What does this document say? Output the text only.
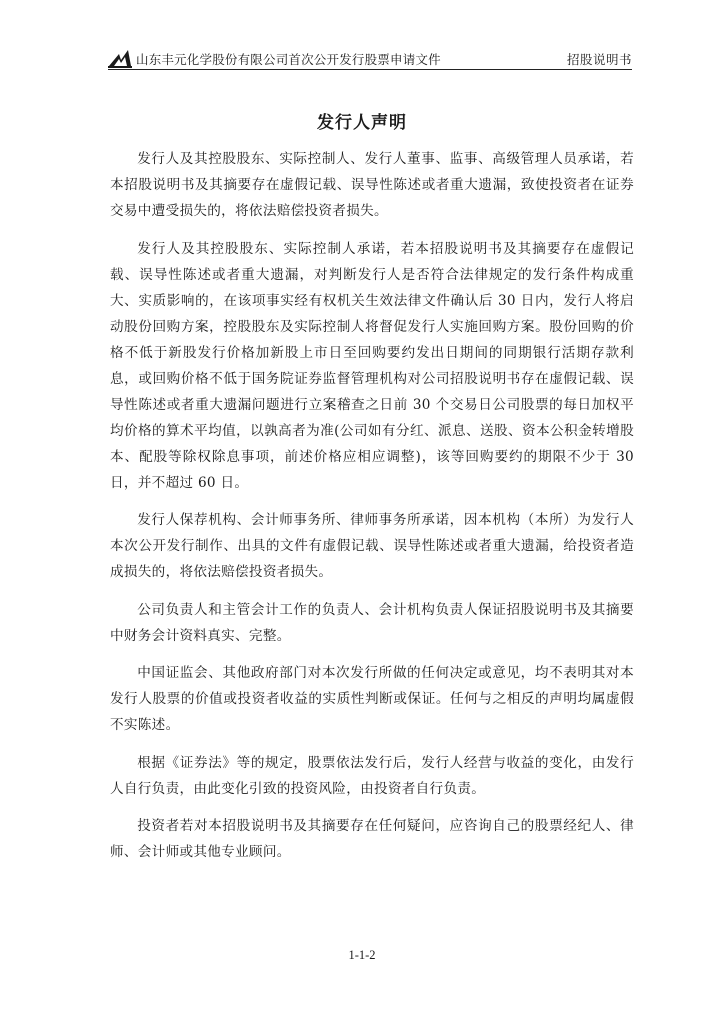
山东丰元化学股份有限公司首次公开发行股票申请文件	招股说明书
发行人声明

发行人及其控股股东、实际控制人、发行人董事、监事、高级管理人员承诺，若本招股说明书及其摘要存在虚假记载、误导性陈述或者重大遗漏，致使投资者在证券交易中遭受损失的，将依法赔偿投资者损失。

发行人及其控股股东、实际控制人承诺，若本招股说明书及其摘要存在虚假记载、误导性陈述或者重大遗漏，对判断发行人是否符合法律规定的发行条件构成重大、实质影响的，在该项事实经有权机关生效法律文件确认后 30 日内，发行人将启动股份回购方案，控股股东及实际控制人将督促发行人实施回购方案。股份回购的价格不低于新股发行价格加新股上市日至回购要约发出日期间的同期银行活期存款利息，或回购价格不低于国务院证券监督管理机构对公司招股说明书存在虚假记载、误导性陈述或者重大遗漏问题进行立案稽查之日前 30 个交易日公司股票的每日加权平均价格的算术平均值，以孰高者为准(公司如有分红、派息、送股、资本公积金转增股本、配股等除权除息事项，前述价格应相应调整)，该等回购要约的期限不少于 30 日，并不超过 60 日。

发行人保荐机构、会计师事务所、律师事务所承诺，因本机构（本所）为发行人本次公开发行制作、出具的文件有虚假记载、误导性陈述或者重大遗漏，给投资者造成损失的，将依法赔偿投资者损失。

公司负责人和主管会计工作的负责人、会计机构负责人保证招股说明书及其摘要中财务会计资料真实、完整。

中国证监会、其他政府部门对本次发行所做的任何决定或意见，均不表明其对本发行人股票的价值或投资者收益的实质性判断或保证。任何与之相反的声明均属虚假不实陈述。

根据《证券法》等的规定，股票依法发行后，发行人经营与收益的变化，由发行人自行负责，由此变化引致的投资风险，由投资者自行负责。

投资者若对本招股说明书及其摘要存在任何疑问，应咨询自己的股票经纪人、律师、会计师或其他专业顾问。

1-1-2
